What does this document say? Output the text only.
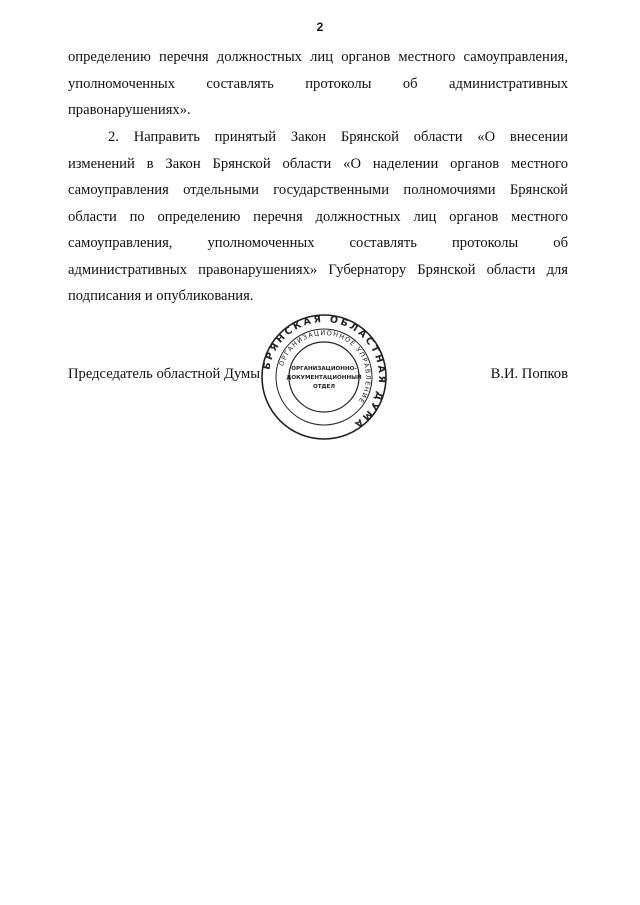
2
определению перечня должностных лиц органов местного самоуправления,
уполномоченных составлять протоколы об административных
правонарушениях».
2. Направить принятый Закон Брянской области «О внесении
изменений в Закон Брянской области «О наделении органов местного
самоуправления отдельными государственными полномочиями Брянской
области по определению перечня должностных лиц органов местного
самоуправления, уполномоченных составлять протоколы об
административных правонарушениях» Губернатору Брянской области для
подписания и опубликования.
Председатель областной Думы	В.И. Попков
БРЯНСКАЯ ОБЛАСТНАЯ ДУМА
ОРГАНИЗАЦИОННОЕ УПРАВЛЕНИЕ
ОРГАНИЗАЦИОННО-
ДОКУМЕНТАЦИОННЫЙ
ОТДЕЛ
